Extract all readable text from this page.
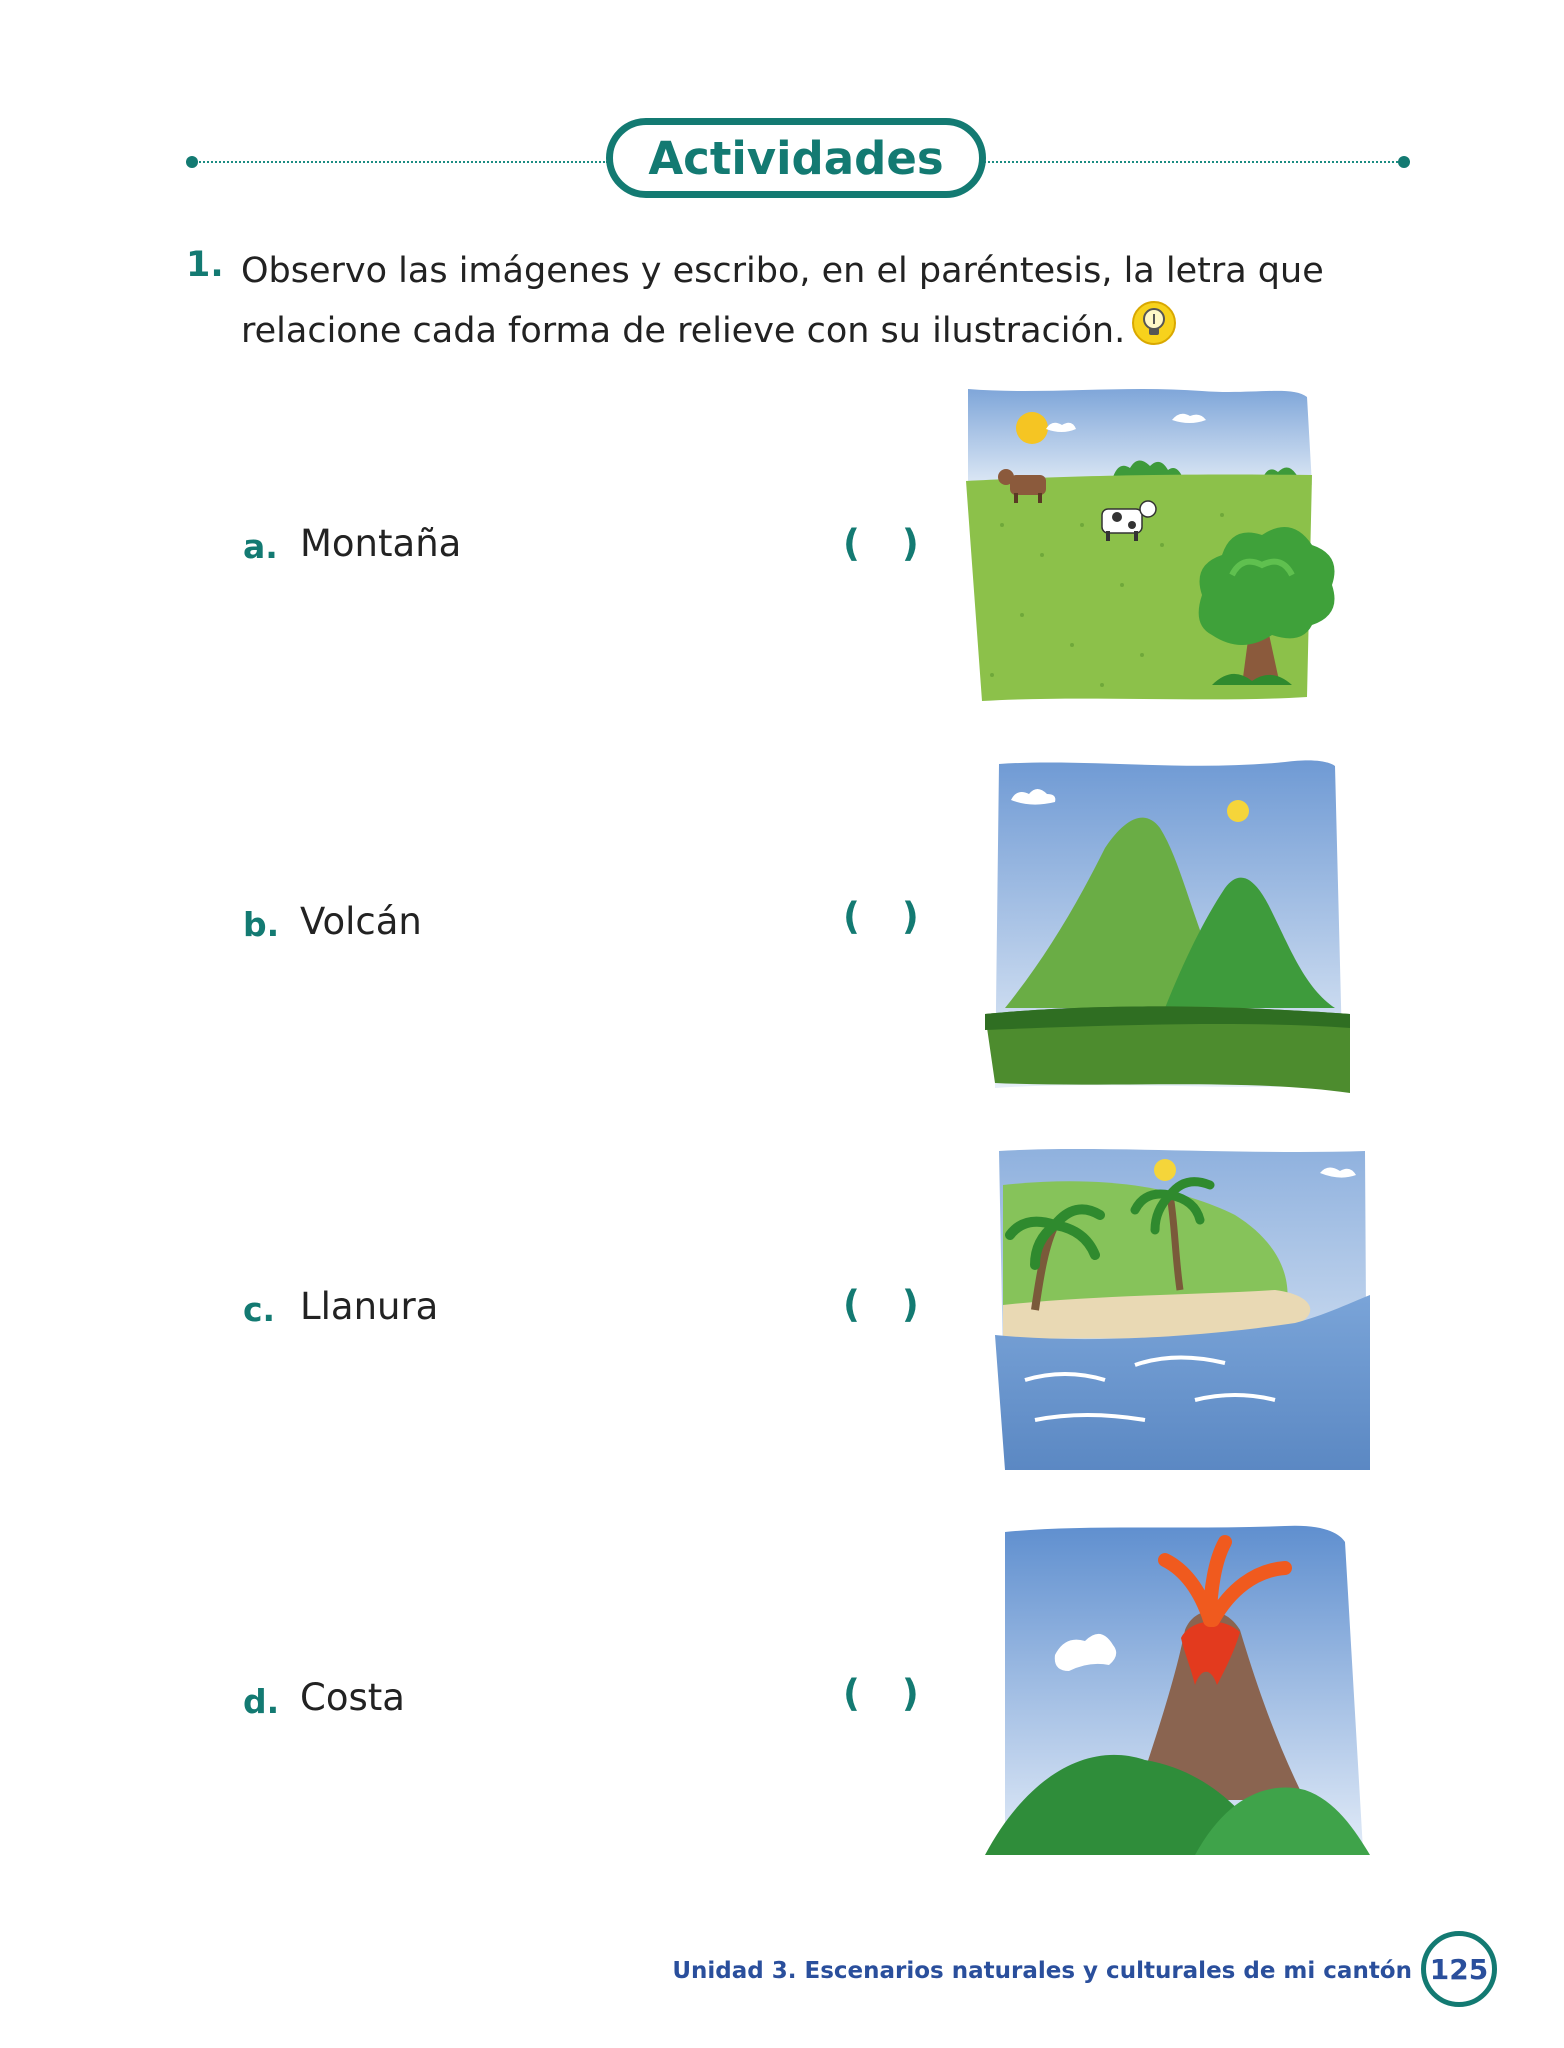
Actividades
1. Observo las imágenes y escribo, en el paréntesis, la letra que
relacione cada forma de relieve con su ilustración.
a. Montaña	( )
b. Volcán	( )
c. Llanura	( )
d. Costa	( )
Unidad 3. Escenarios naturales y culturales de mi cantón 125
